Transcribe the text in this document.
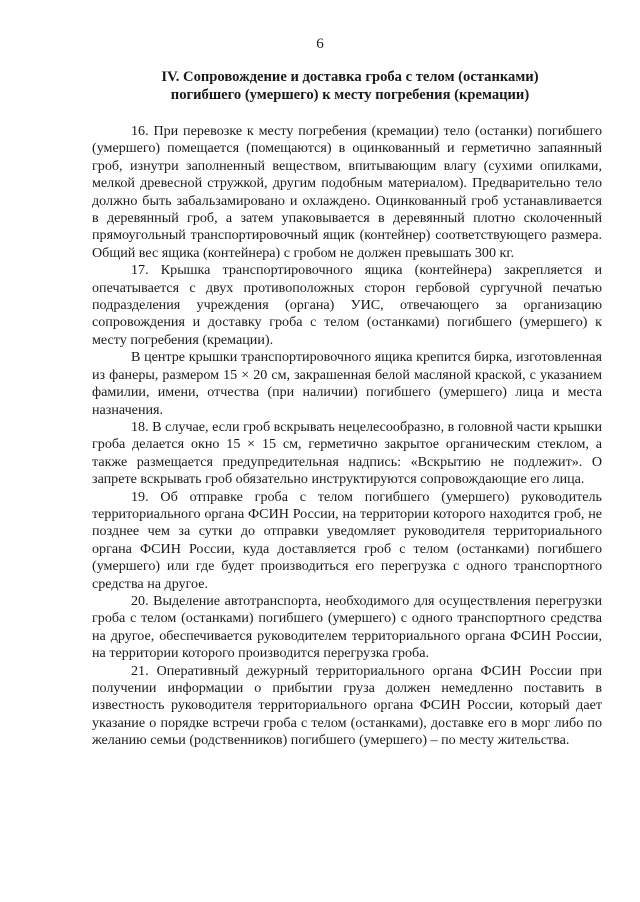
6
IV. Сопровождение и доставка гроба с телом (останками)
погибшего (умершего) к месту погребения (кремации)

16. При перевозке к месту погребения (кремации) тело (останки) погибшего (умершего) помещается (помещаются) в оцинкованный и герметично запаянный гроб, изнутри заполненный веществом, впитывающим влагу (сухими опилками, мелкой древесной стружкой, другим подобным материалом). Предварительно тело должно быть забальзамировано и охлаждено. Оцинкованный гроб устанавливается в деревянный гроб, а затем упаковывается в деревянный плотно сколоченный прямоугольный транспортировочный ящик (контейнер) соответствующего размера. Общий вес ящика (контейнера) с гробом не должен превышать 300 кг.

17. Крышка транспортировочного ящика (контейнера) закрепляется и опечатывается с двух противоположных сторон гербовой сургучной печатью подразделения учреждения (органа) УИС, отвечающего за организацию сопровождения и доставку гроба с телом (останками) погибшего (умершего) к месту погребения (кремации).

В центре крышки транспортировочного ящика крепится бирка, изготовленная из фанеры, размером 15 × 20 см, закрашенная белой масляной краской, с указанием фамилии, имени, отчества (при наличии) погибшего (умершего) лица и места назначения.

18. В случае, если гроб вскрывать нецелесообразно, в головной части крышки гроба делается окно 15 × 15 см, герметично закрытое органическим стеклом, а также размещается предупредительная надпись: «Вскрытию не подлежит». О запрете вскрывать гроб обязательно инструктируются сопровождающие его лица.

19. Об отправке гроба с телом погибшего (умершего) руководитель территориального органа ФСИН России, на территории которого находится гроб, не позднее чем за сутки до отправки уведомляет руководителя территориального органа ФСИН России, куда доставляется гроб с телом (останками) погибшего (умершего) или где будет производиться его перегрузка с одного транспортного средства на другое.

20. Выделение автотранспорта, необходимого для осуществления перегрузки гроба с телом (останками) погибшего (умершего) с одного транспортного средства на другое, обеспечивается руководителем территориального органа ФСИН России, на территории которого производится перегрузка гроба.

21. Оперативный дежурный территориального органа ФСИН России при получении информации о прибытии груза должен немедленно поставить в известность руководителя территориального органа ФСИН России, который дает указание о порядке встречи гроба с телом (останками), доставке его в морг либо по желанию семьи (родственников) погибшего (умершего) – по месту жительства.
